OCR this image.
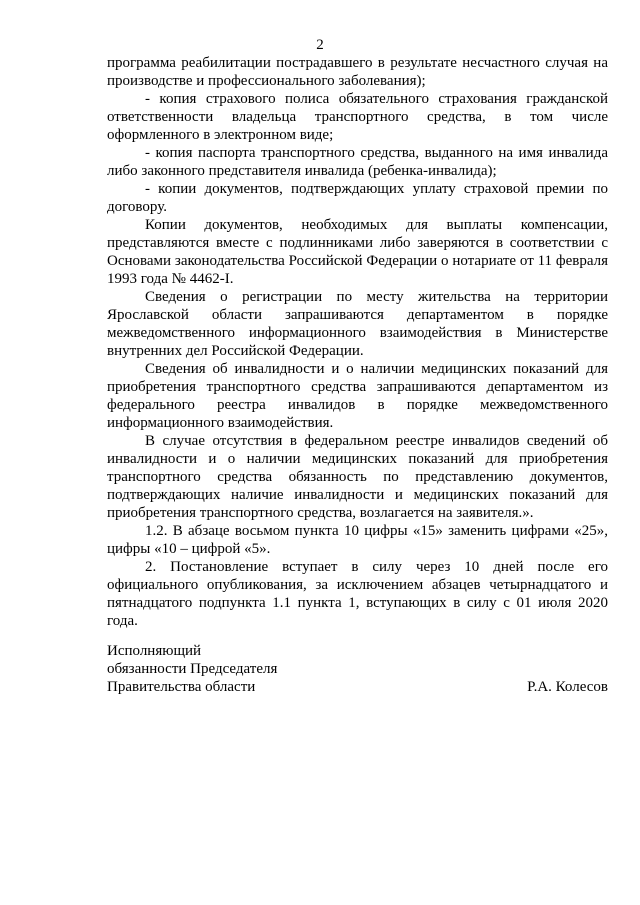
2

программа реабилитации пострадавшего в результате несчастного случая на производстве и профессионального заболевания);

- копия страхового полиса обязательного страхования гражданской ответственности владельца транспортного средства, в том числе оформленного в электронном виде;

- копия паспорта транспортного средства, выданного на имя инвалида либо законного представителя инвалида (ребенка-инвалида);

- копии документов, подтверждающих уплату страховой премии по договору.

Копии документов, необходимых для выплаты компенсации, представляются вместе с подлинниками либо заверяются в соответствии с Основами законодательства Российской Федерации о нотариате от 11 февраля 1993 года № 4462-I.

Сведения о регистрации по месту жительства на территории Ярославской области запрашиваются департаментом в порядке межведомственного информационного взаимодействия в Министерстве внутренних дел Российской Федерации.

Сведения об инвалидности и о наличии медицинских показаний для приобретения транспортного средства запрашиваются департаментом из федерального реестра инвалидов в порядке межведомственного информационного взаимодействия.

В случае отсутствия в федеральном реестре инвалидов сведений об инвалидности и о наличии медицинских показаний для приобретения транспортного средства обязанность по представлению документов, подтверждающих наличие инвалидности и медицинских показаний для приобретения транспортного средства, возлагается на заявителя.».

1.2. В абзаце восьмом пункта 10 цифры «15» заменить цифрами «25», цифры «10 – цифрой «5».

2. Постановление вступает в силу через 10 дней после его официального опубликования, за исключением абзацев четырнадцатого и пятнадцатого подпункта 1.1 пункта 1, вступающих в силу с 01 июля 2020 года.

Исполняющий
обязанности Председателя
Правительства области	Р.А. Колесов
